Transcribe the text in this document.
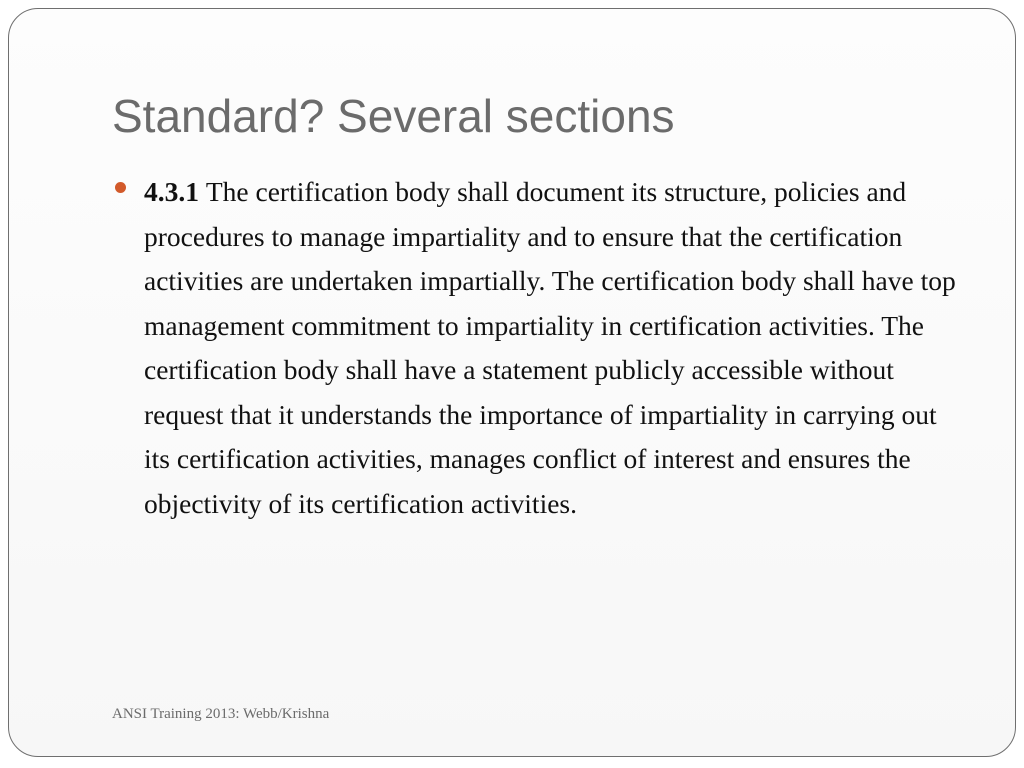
Standard? Several sections
4.3.1 The certification body shall document its structure, policies and procedures to manage impartiality and to ensure that the certification activities are undertaken impartially. The certification body shall have top management commitment to impartiality in certification activities. The certification body shall have a statement publicly accessible without request that it understands the importance of impartiality in carrying out its certification activities, manages conflict of interest and ensures the objectivity of its certification activities.
ANSI Training 2013: Webb/Krishna
